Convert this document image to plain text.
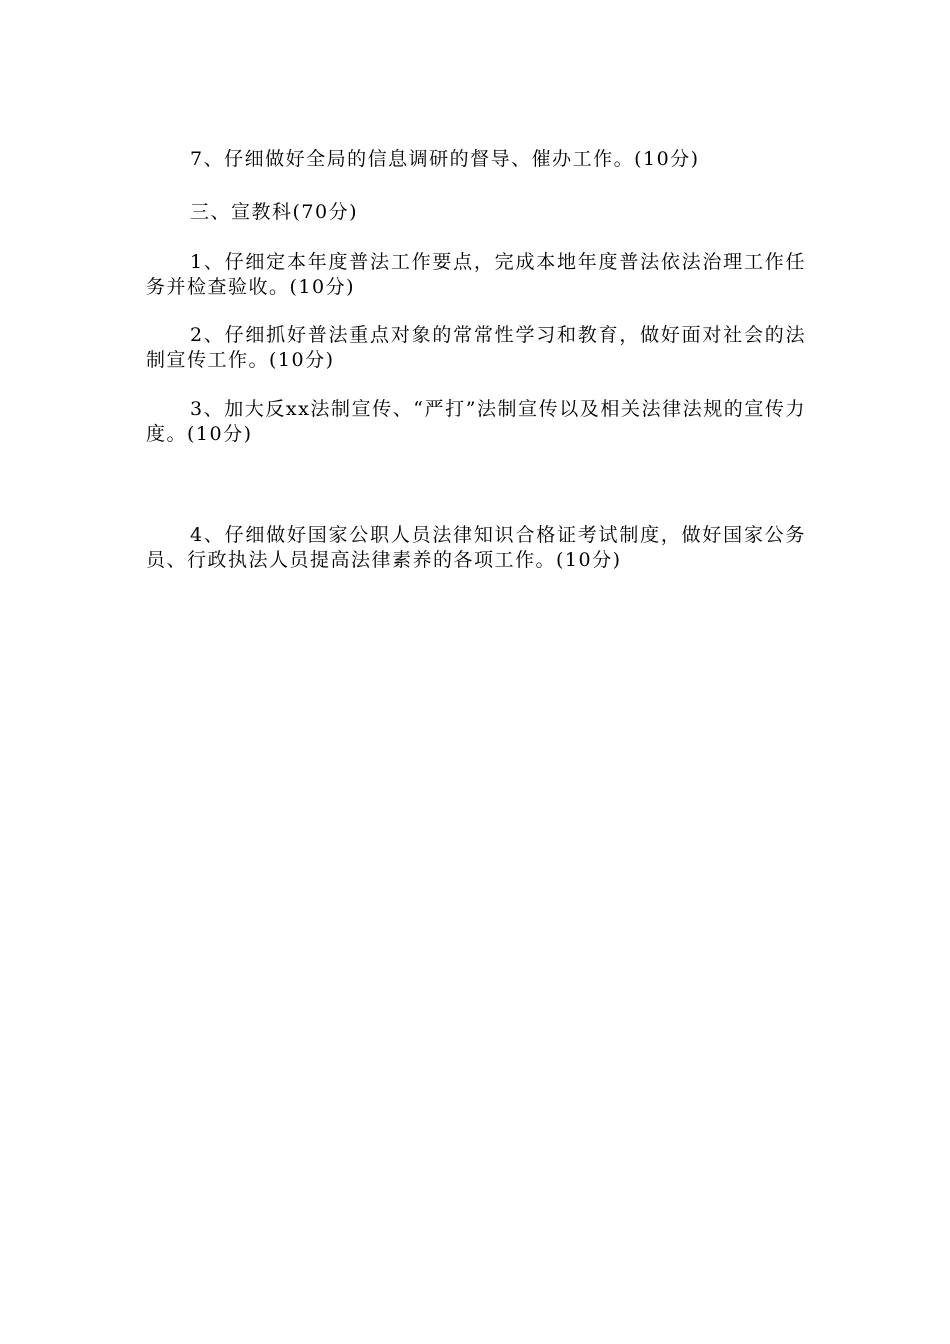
7、仔细做好全局的信息调研的督导、催办工作。(10分)

三、宣教科(70分)

1、仔细定本年度普法工作要点，完成本地年度普法依法治理工作任务并检查验收。(10分)

2、仔细抓好普法重点对象的常常性学习和教育，做好面对社会的法制宣传工作。(10分)

3、加大反xx法制宣传、“严打”法制宣传以及相关法律法规的宣传力度。(10分)

4、仔细做好国家公职人员法律知识合格证考试制度，做好国家公务员、行政执法人员提高法律素养的各项工作。(10分)
